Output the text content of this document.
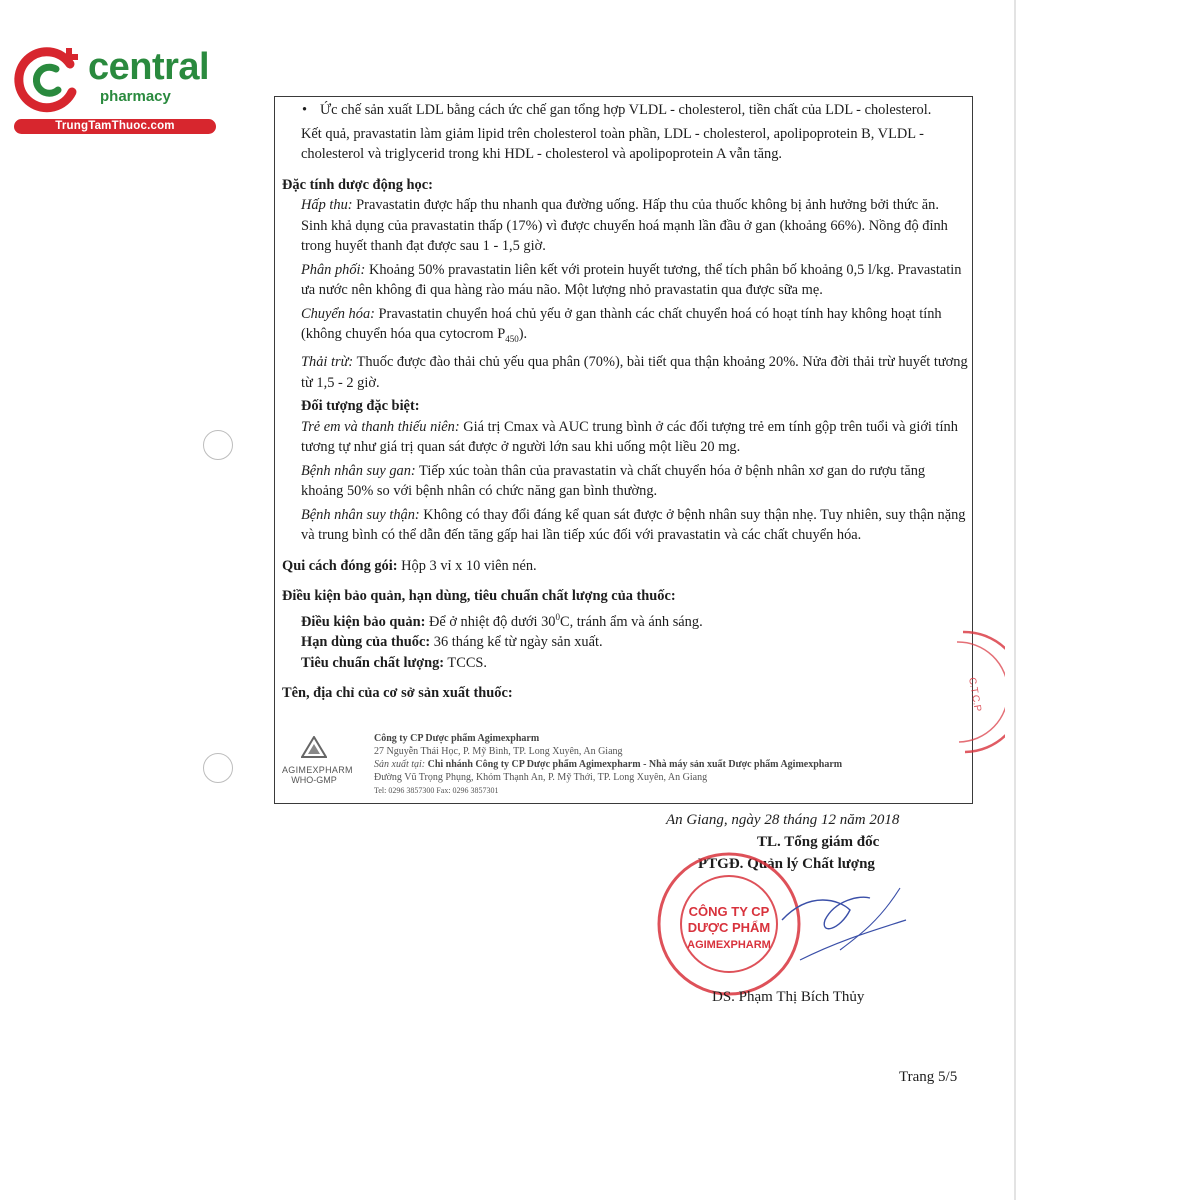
central
pharmacy
TrungTamThuoc.com

• Ức chế sản xuất LDL bằng cách ức chế gan tổng hợp VLDL - cholesterol, tiền chất của LDL - cholesterol.

Kết quả, pravastatin làm giảm lipid trên cholesterol toàn phần, LDL - cholesterol, apolipoprotein B, VLDL - cholesterol và triglycerid trong khi HDL - cholesterol và apolipoprotein A vẫn tăng.

Đặc tính dược động học:

Hấp thu: Pravastatin được hấp thu nhanh qua đường uống. Hấp thu của thuốc không bị ảnh hưởng bởi thức ăn. Sinh khả dụng của pravastatin thấp (17%) vì được chuyển hoá mạnh lần đầu ở gan (khoảng 66%). Nồng độ đỉnh trong huyết thanh đạt được sau 1 - 1,5 giờ.

Phân phối: Khoảng 50% pravastatin liên kết với protein huyết tương, thể tích phân bố khoảng 0,5 l/kg. Pravastatin ưa nước nên không đi qua hàng rào máu não. Một lượng nhỏ pravastatin qua được sữa mẹ.

Chuyển hóa: Pravastatin chuyển hoá chủ yếu ở gan thành các chất chuyển hoá có hoạt tính hay không hoạt tính (không chuyển hóa qua cytocrom $P_{450}$).

Thải trừ: Thuốc được đào thải chủ yếu qua phân (70%), bài tiết qua thận khoảng 20%. Nửa đời thải trừ huyết tương từ 1,5 - 2 giờ.

Đối tượng đặc biệt:

Trẻ em và thanh thiếu niên: Giá trị Cmax và AUC trung bình ở các đối tượng trẻ em tính gộp trên tuổi và giới tính tương tự như giá trị quan sát được ở người lớn sau khi uống một liều 20 mg.

Bệnh nhân suy gan: Tiếp xúc toàn thân của pravastatin và chất chuyển hóa ở bệnh nhân xơ gan do rượu tăng khoảng 50% so với bệnh nhân có chức năng gan bình thường.

Bệnh nhân suy thận: Không có thay đổi đáng kể quan sát được ở bệnh nhân suy thận nhẹ. Tuy nhiên, suy thận nặng và trung bình có thể dẫn đến tăng gấp hai lần tiếp xúc đối với pravastatin và các chất chuyển hóa.

Qui cách đóng gói: Hộp 3 vỉ x 10 viên nén.

Điều kiện bảo quản, hạn dùng, tiêu chuẩn chất lượng của thuốc:

Điều kiện bảo quản: Để ở nhiệt độ dưới $30^0C$, tránh ẩm và ánh sáng.

Hạn dùng của thuốc: 36 tháng kể từ ngày sản xuất.

Tiêu chuẩn chất lượng: TCCS.

Tên, địa chỉ của cơ sở sản xuất thuốc:

AGIMEXPHARM
WHO-GMP
Công ty CP Dược phẩm Agimexpharm
27 Nguyễn Thái Học, P. Mỹ Bình, TP. Long Xuyên, An Giang
Sản xuất tại: Chi nhánh Công ty CP Dược phẩm Agimexpharm - Nhà máy sản xuất Dược phẩm Agimexpharm
Đường Vũ Trọng Phụng, Khóm Thạnh An, P. Mỹ Thới, TP. Long Xuyên, An Giang
Tel: 0296 3857300 Fax: 0296 3857301
C.T.C.P
An Giang, ngày 28 tháng 12 năm 2018
TL. Tổng giám đốc
PTGĐ. Quản lý Chất lượng
CÔNG TY CP
DƯỢC PHẨM
AGIMEXPHARM
DS. Phạm Thị Bích Thủy
Trang 5/5
